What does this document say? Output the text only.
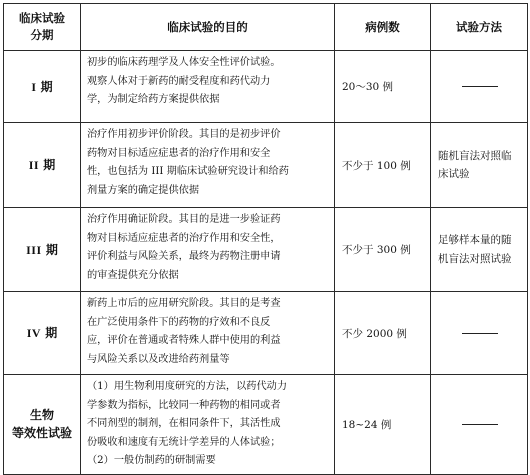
临床试验
分期	临床试验的目的	病例数	试验方法
I 期	初步的临床药理学及人体安全性评价试验。
观察人体对于新药的耐受程度和药代动力
学，为制定给药方案提供依据	20～30 例	

II 期	治疗作用初步评价阶段。其目的是初步评价
药物对目标适应症患者的治疗作用和安全
性，也包括为 III 期临床试验研究设计和给药
剂量方案的确定提供依据	不少于 100 例	随机盲法对照临
床试验

III 期	治疗作用确证阶段。其目的是进一步验证药
物对目标适应症患者的治疗作用和安全性，
评价利益与风险关系，最终为药物注册申请
的审查提供充分依据	不少于 300 例	足够样本量的随
机盲法对照试验

IV 期	新药上市后的应用研究阶段。其目的是考查
在广泛使用条件下的药物的疗效和不良反
应，评价在普通或者特殊人群中使用的利益
与风险关系以及改进给药剂量等	不少 2000 例	

生物
等效性试验	（1）用生物利用度研究的方法，以药代动力
学参数为指标，比较同一种药物的相同或者
不同剂型的制剂，在相同条件下，其活性成
份吸收和速度有无统计学差异的人体试验；
（2）一般仿制药的研制需要	18~24 例	
